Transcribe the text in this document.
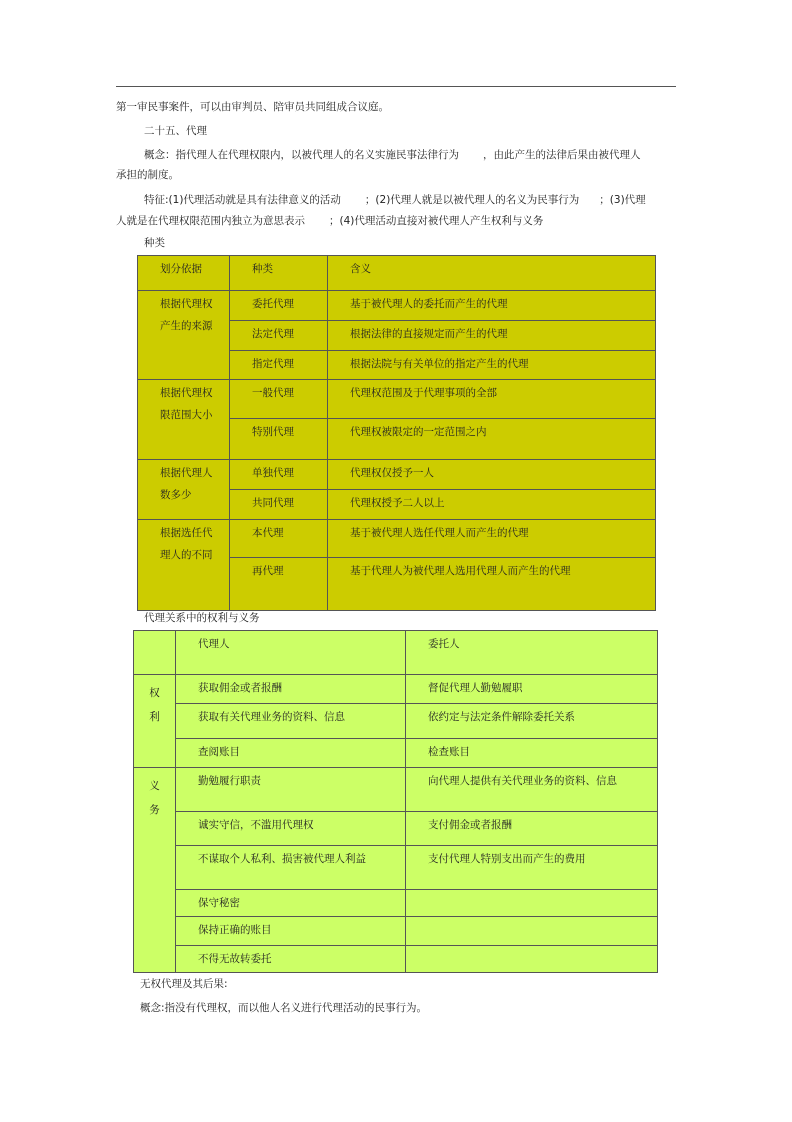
第一审民事案件，可以由审判员、陪审员共同组成合议庭。
二十五、代理
概念：指代理人在代理权限内，以被代理人的名义实施民事法律行为 ，由此产生的法律后果由被代理人
承担的制度。
特征:(1)代理活动就是具有法律意义的活动 ；(2)代理人就是以被代理人的名义为民事行为 ；(3)代理
人就是在代理权限范围内独立为意思表示 ；(4)代理活动直接对被代理人产生权利与义务
种类
划分依据	种类	含义
根据代理权
产生的来源	委托代理	基于被代理人的委托而产生的代理
	法定代理	根据法律的直接规定而产生的代理
	指定代理	根据法院与有关单位的指定产生的代理
根据代理权
限范围大小	一般代理	代理权范围及于代理事项的全部
	特别代理	代理权被限定的一定范围之内
根据代理人
数多少	单独代理	代理权仅授予一人
	共同代理	代理权授予二人以上
根据选任代
理人的不同	本代理	基于被代理人选任代理人而产生的代理
	再代理	基于代理人为被代理人选用代理人而产生的代理
代理关系中的权利与义务
	代理人	委托人

权
利	获取佣金或者报酬	督促代理人勤勉履职
	获取有关代理业务的资料、信息	依约定与法定条件解除委托关系
	查阅账目	检查账目

义
务	勤勉履行职责	向代理人提供有关代理业务的资料、信息
	诚实守信，不滥用代理权	支付佣金或者报酬
	不谋取个人私利、损害被代理人利益	支付代理人特别支出而产生的费用
	保守秘密	
	保持正确的账目	
	不得无故转委托	
无权代理及其后果:
概念:指没有代理权，而以他人名义进行代理活动的民事行为。
